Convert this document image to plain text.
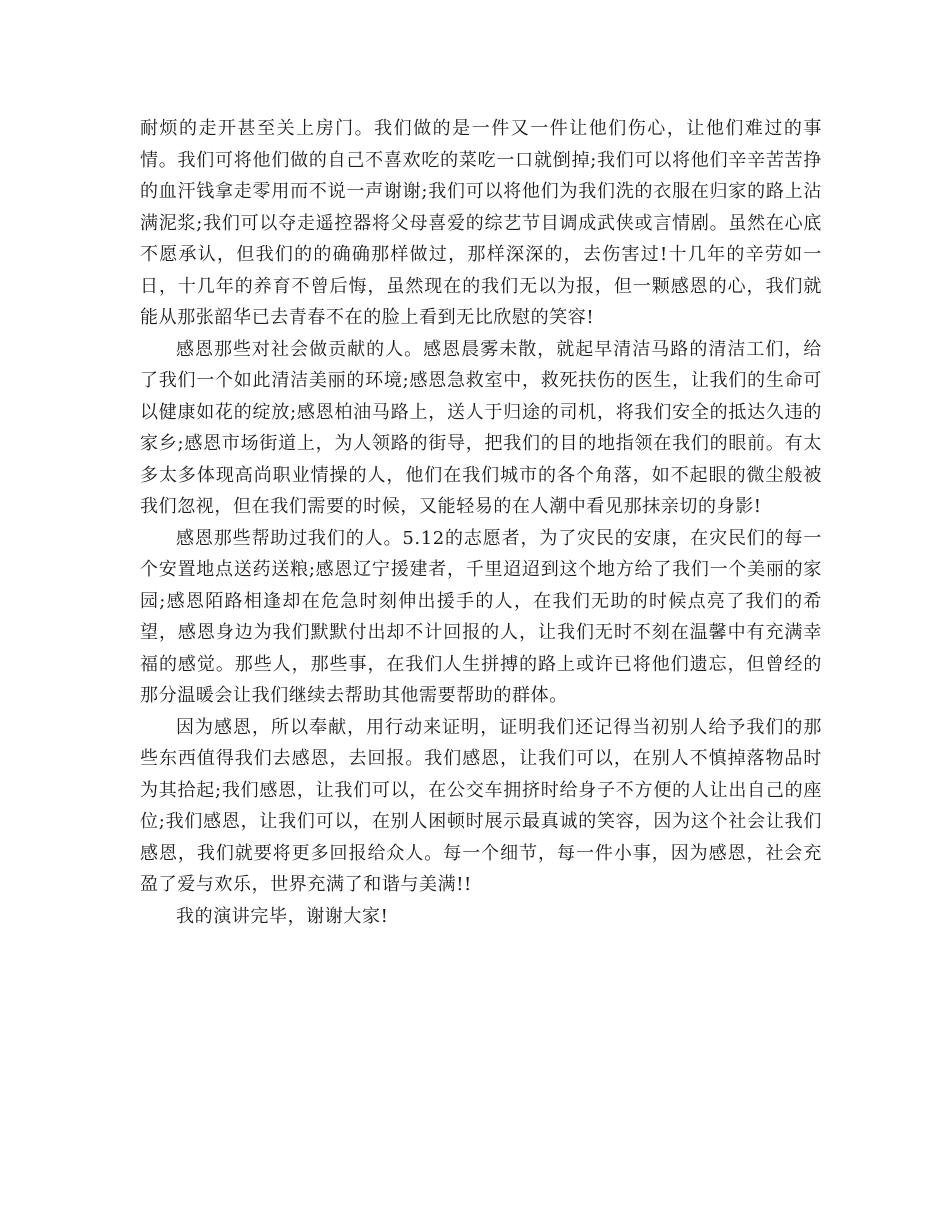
耐烦的走开甚至关上房门。我们做的是一件又一件让他们伤心，让他们难过的事情。我们可将他们做的自己不喜欢吃的菜吃一口就倒掉;我们可以将他们辛辛苦苦挣的血汗钱拿走零用而不说一声谢谢;我们可以将他们为我们洗的衣服在归家的路上沾满泥浆;我们可以夺走遥控器将父母喜爱的综艺节目调成武侠或言情剧。虽然在心底不愿承认，但我们的的确确那样做过，那样深深的，去伤害过!十几年的辛劳如一日，十几年的养育不曾后悔，虽然现在的我们无以为报，但一颗感恩的心，我们就能从那张韶华已去青春不在的脸上看到无比欣慰的笑容!

感恩那些对社会做贡献的人。感恩晨雾未散，就起早清洁马路的清洁工们，给了我们一个如此清洁美丽的环境;感恩急救室中，救死扶伤的医生，让我们的生命可以健康如花的绽放;感恩柏油马路上，送人于归途的司机，将我们安全的抵达久违的家乡;感恩市场街道上，为人领路的街导，把我们的目的地指领在我们的眼前。有太多太多体现高尚职业情操的人，他们在我们城市的各个角落，如不起眼的微尘般被我们忽视，但在我们需要的时候，又能轻易的在人潮中看见那抹亲切的身影!

感恩那些帮助过我们的人。5.12的志愿者，为了灾民的安康，在灾民们的每一个安置地点送药送粮;感恩辽宁援建者，千里迢迢到这个地方给了我们一个美丽的家园;感恩陌路相逢却在危急时刻伸出援手的人，在我们无助的时候点亮了我们的希望，感恩身边为我们默默付出却不计回报的人，让我们无时不刻在温馨中有充满幸福的感觉。那些人，那些事，在我们人生拼搏的路上或许已将他们遗忘，但曾经的那分温暖会让我们继续去帮助其他需要帮助的群体。

因为感恩，所以奉献，用行动来证明，证明我们还记得当初别人给予我们的那些东西值得我们去感恩，去回报。我们感恩，让我们可以，在别人不慎掉落物品时为其拾起;我们感恩，让我们可以，在公交车拥挤时给身子不方便的人让出自己的座位;我们感恩，让我们可以，在别人困顿时展示最真诚的笑容，因为这个社会让我们感恩，我们就要将更多回报给众人。每一个细节，每一件小事，因为感恩，社会充盈了爱与欢乐，世界充满了和谐与美满!!

我的演讲完毕，谢谢大家!
